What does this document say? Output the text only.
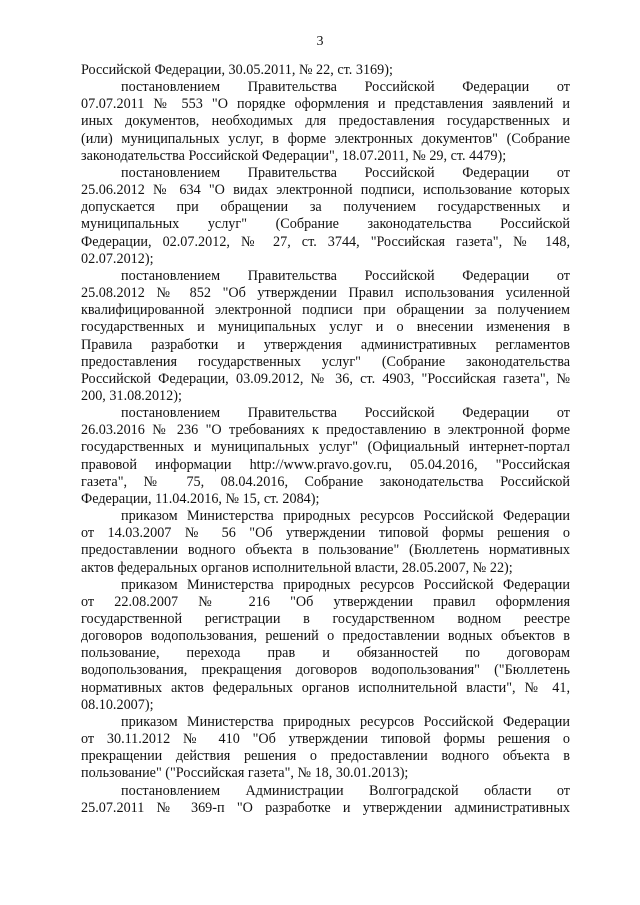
3
Российской Федерации, 30.05.2011, № 22, ст. 3169);
постановлением Правительства Российской Федерации от
07.07.2011 № 553 "О порядке оформления и представления заявлений и
иных документов, необходимых для предоставления государственных и
(или) муниципальных услуг, в форме электронных документов" (Собрание
законодательства Российской Федерации", 18.07.2011, № 29, ст. 4479);
постановлением Правительства Российской Федерации от
25.06.2012 № 634 "О видах электронной подписи, использование которых
допускается при обращении за получением государственных и
муниципальных услуг" (Собрание законодательства Российской
Федерации, 02.07.2012, № 27, ст. 3744, "Российская газета", № 148,
02.07.2012);
постановлением Правительства Российской Федерации от
25.08.2012 № 852 "Об утверждении Правил использования усиленной
квалифицированной электронной подписи при обращении за получением
государственных и муниципальных услуг и о внесении изменения в
Правила разработки и утверждения административных регламентов
предоставления государственных услуг" (Собрание законодательства
Российской Федерации, 03.09.2012, № 36, ст. 4903, "Российская газета", №
200, 31.08.2012);
постановлением Правительства Российской Федерации от
26.03.2016 № 236 "О требованиях к предоставлению в электронной форме
государственных и муниципальных услуг" (Официальный интернет-портал
правовой информации http://www.pravo.gov.ru, 05.04.2016, "Российская
газета", № 75, 08.04.2016, Собрание законодательства Российской
Федерации, 11.04.2016, № 15, ст. 2084);
приказом Министерства природных ресурсов Российской Федерации
от 14.03.2007 № 56 "Об утверждении типовой формы решения о
предоставлении водного объекта в пользование" (Бюллетень нормативных
актов федеральных органов исполнительной власти, 28.05.2007, № 22);
приказом Министерства природных ресурсов Российской Федерации
от 22.08.2007 № 216 "Об утверждении правил оформления
государственной регистрации в государственном водном реестре
договоров водопользования, решений о предоставлении водных объектов в
пользование, перехода прав и обязанностей по договорам
водопользования, прекращения договоров водопользования" ("Бюллетень
нормативных актов федеральных органов исполнительной власти", № 41,
08.10.2007);
приказом Министерства природных ресурсов Российской Федерации
от 30.11.2012 № 410 "Об утверждении типовой формы решения о
прекращении действия решения о предоставлении водного объекта в
пользование" ("Российская газета", № 18, 30.01.2013);
постановлением Администрации Волгоградской области от
25.07.2011 № 369-п "О разработке и утверждении административных
